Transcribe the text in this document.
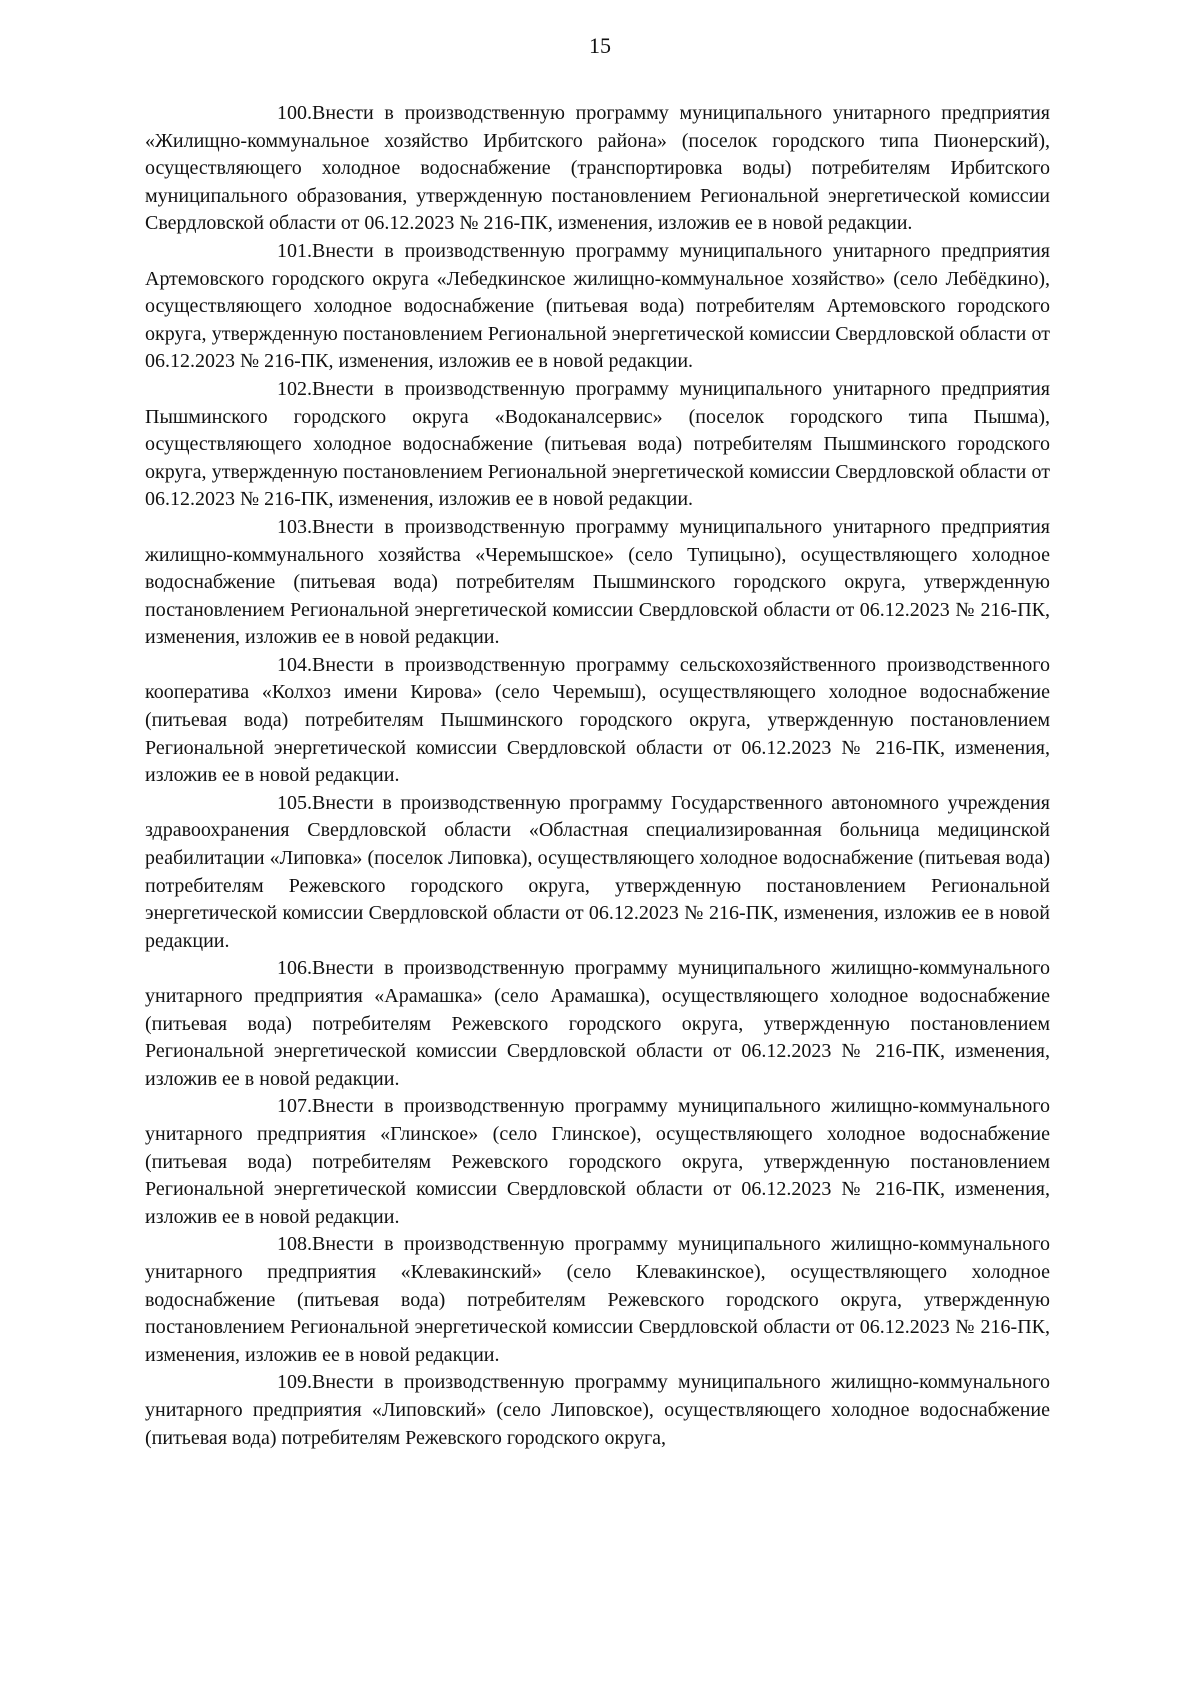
15

100.Внести в производственную программу муниципального унитарного предприятия «Жилищно-коммунальное хозяйство Ирбитского района» (поселок городского типа Пионерский), осуществляющего холодное водоснабжение (транспортировка воды) потребителям Ирбитского муниципального образования, утвержденную постановлением Региональной энергетической комиссии Свердловской области от 06.12.2023 № 216-ПК, изменения, изложив ее в новой редакции.

101.Внести в производственную программу муниципального унитарного предприятия Артемовского городского округа «Лебедкинское жилищно-коммунальное хозяйство» (село Лебёдкино), осуществляющего холодное водоснабжение (питьевая вода) потребителям Артемовского городского округа, утвержденную постановлением Региональной энергетической комиссии Свердловской области от 06.12.2023 № 216-ПК, изменения, изложив ее в новой редакции.

102.Внести в производственную программу муниципального унитарного предприятия Пышминского городского округа «Водоканалсервис» (поселок городского типа Пышма), осуществляющего холодное водоснабжение (питьевая вода) потребителям Пышминского городского округа, утвержденную постановлением Региональной энергетической комиссии Свердловской области от 06.12.2023 № 216-ПК, изменения, изложив ее в новой редакции.

103.Внести в производственную программу муниципального унитарного предприятия жилищно-коммунального хозяйства «Черемышское» (село Тупицыно), осуществляющего холодное водоснабжение (питьевая вода) потребителям Пышминского городского округа, утвержденную постановлением Региональной энергетической комиссии Свердловской области от 06.12.2023 № 216-ПК, изменения, изложив ее в новой редакции.

104.Внести в производственную программу сельскохозяйственного производственного кооператива «Колхоз имени Кирова» (село Черемыш), осуществляющего холодное водоснабжение (питьевая вода) потребителям Пышминского городского округа, утвержденную постановлением Региональной энергетической комиссии Свердловской области от 06.12.2023 № 216-ПК, изменения, изложив ее в новой редакции.

105.Внести в производственную программу Государственного автономного учреждения здравоохранения Свердловской области «Областная специализированная больница медицинской реабилитации «Липовка» (поселок Липовка), осуществляющего холодное водоснабжение (питьевая вода) потребителям Режевского городского округа, утвержденную постановлением Региональной энергетической комиссии Свердловской области от 06.12.2023 № 216-ПК, изменения, изложив ее в новой редакции.

106.Внести в производственную программу муниципального жилищно-коммунального унитарного предприятия «Арамашка» (село Арамашка), осуществляющего холодное водоснабжение (питьевая вода) потребителям Режевского городского округа, утвержденную постановлением Региональной энергетической комиссии Свердловской области от 06.12.2023 № 216-ПК, изменения, изложив ее в новой редакции.

107.Внести в производственную программу муниципального жилищно-коммунального унитарного предприятия «Глинское» (село Глинское), осуществляющего холодное водоснабжение (питьевая вода) потребителям Режевского городского округа, утвержденную постановлением Региональной энергетической комиссии Свердловской области от 06.12.2023 № 216-ПК, изменения, изложив ее в новой редакции.

108.Внести в производственную программу муниципального жилищно-коммунального унитарного предприятия «Клевакинский» (село Клевакинское), осуществляющего холодное водоснабжение (питьевая вода) потребителям Режевского городского округа, утвержденную постановлением Региональной энергетической комиссии Свердловской области от 06.12.2023 № 216-ПК, изменения, изложив ее в новой редакции.

109.Внести в производственную программу муниципального жилищно-коммунального унитарного предприятия «Липовский» (село Липовское), осуществляющего холодное водоснабжение (питьевая вода) потребителям Режевского городского округа,
